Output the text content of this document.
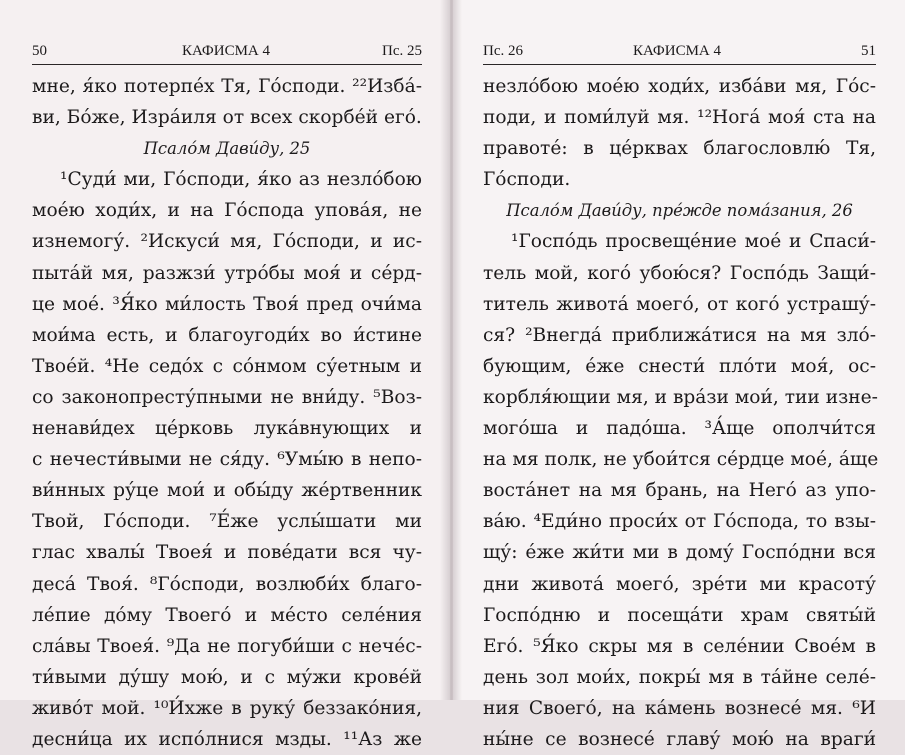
50	КАФИСМА 4	Пс. 25
мне, я́ко потерпе́х Тя, Го́споди. ²²Изба́-
ви, Бо́же, Изра́иля от всех скорбе́й его́.
Псало́м Дави́ду, 25
¹Суди́ ми, Го́споди, я́ко аз незло́бою
мое́ю ходи́х, и на Го́спода упова́я, не
изнемогу́. ²Искуси́ мя, Го́споди, и ис-
пыта́й мя, разжзи́ утро́бы моя́ и се́рд-
це мое́. ³Я́ко ми́лость Твоя́ пред очи́ма
мои́ма есть, и благоугоди́х во и́стине
Твое́й. ⁴Не седо́х с со́нмом су́етным и
со законопресту́пными не вни́ду. ⁵Воз-
ненави́дех це́рковь лука́внующих и
с нечести́выми не ся́ду. ⁶Умы́ю в непо-
ви́нных ру́це мои́ и обы́ду же́ртвенник
Твой, Го́споди. ⁷Е́же услы́шати ми
глас хвалы́ Твоея́ и пове́дати вся чу-
деса́ Твоя́. ⁸Го́споди, возлюби́х благо-
ле́пие до́му Твоего́ и ме́сто селе́ния
сла́вы Твоея́. ⁹Да не погуби́ши с нече́с-
ти́выми ду́шу мою́, и с му́жи крове́й
живо́т мой. ¹⁰И́хже в руку́ беззако́ния,
десни́ца их испо́лнися мзды. ¹¹Аз же
Пс. 26	КАФИСМА 4	51
незло́бою мое́ю ходи́х, изба́ви мя, Го́с-
поди, и поми́луй мя. ¹²Нога́ моя́ ста на
правоте́: в це́рквах благословлю́ Тя,
Го́споди.
Псало́м Дави́ду, пре́жде пома́зания, 26
¹Госпо́дь просвеще́ние мое́ и Спаси́-
тель мой, кого́ убою́ся? Госпо́дь Защи́-
титель живота́ моего́, от кого́ устрашу́-
ся? ²Внегда́ приближа́тися на мя зло́-
бующим, е́же снести́ пло́ти моя́, ос-
корбля́ющии мя, и вра́зи мои́, тии изне-
мого́ша и падо́ша. ³А́ще ополчи́тся
на мя полк, не убои́тся се́рдце мое́, а́ще
воста́нет на мя брань, на Него́ аз упо-
ва́ю. ⁴Еди́но проси́х от Го́спода, то взы-
щу́: е́же жи́ти ми в дому́ Госпо́дни вся
дни живота́ моего́, зре́ти ми красоту́
Госпо́дню и посеща́ти храм святы́й
Его́. ⁵Я́ко скры мя в селе́нии Свое́м в
день зол мои́х, покры́ мя в та́йне селе́-
ния Своего́, на ка́мень вознесе́ мя. ⁶И
ны́не се вознесе́ главу́ мою́ на враги́
